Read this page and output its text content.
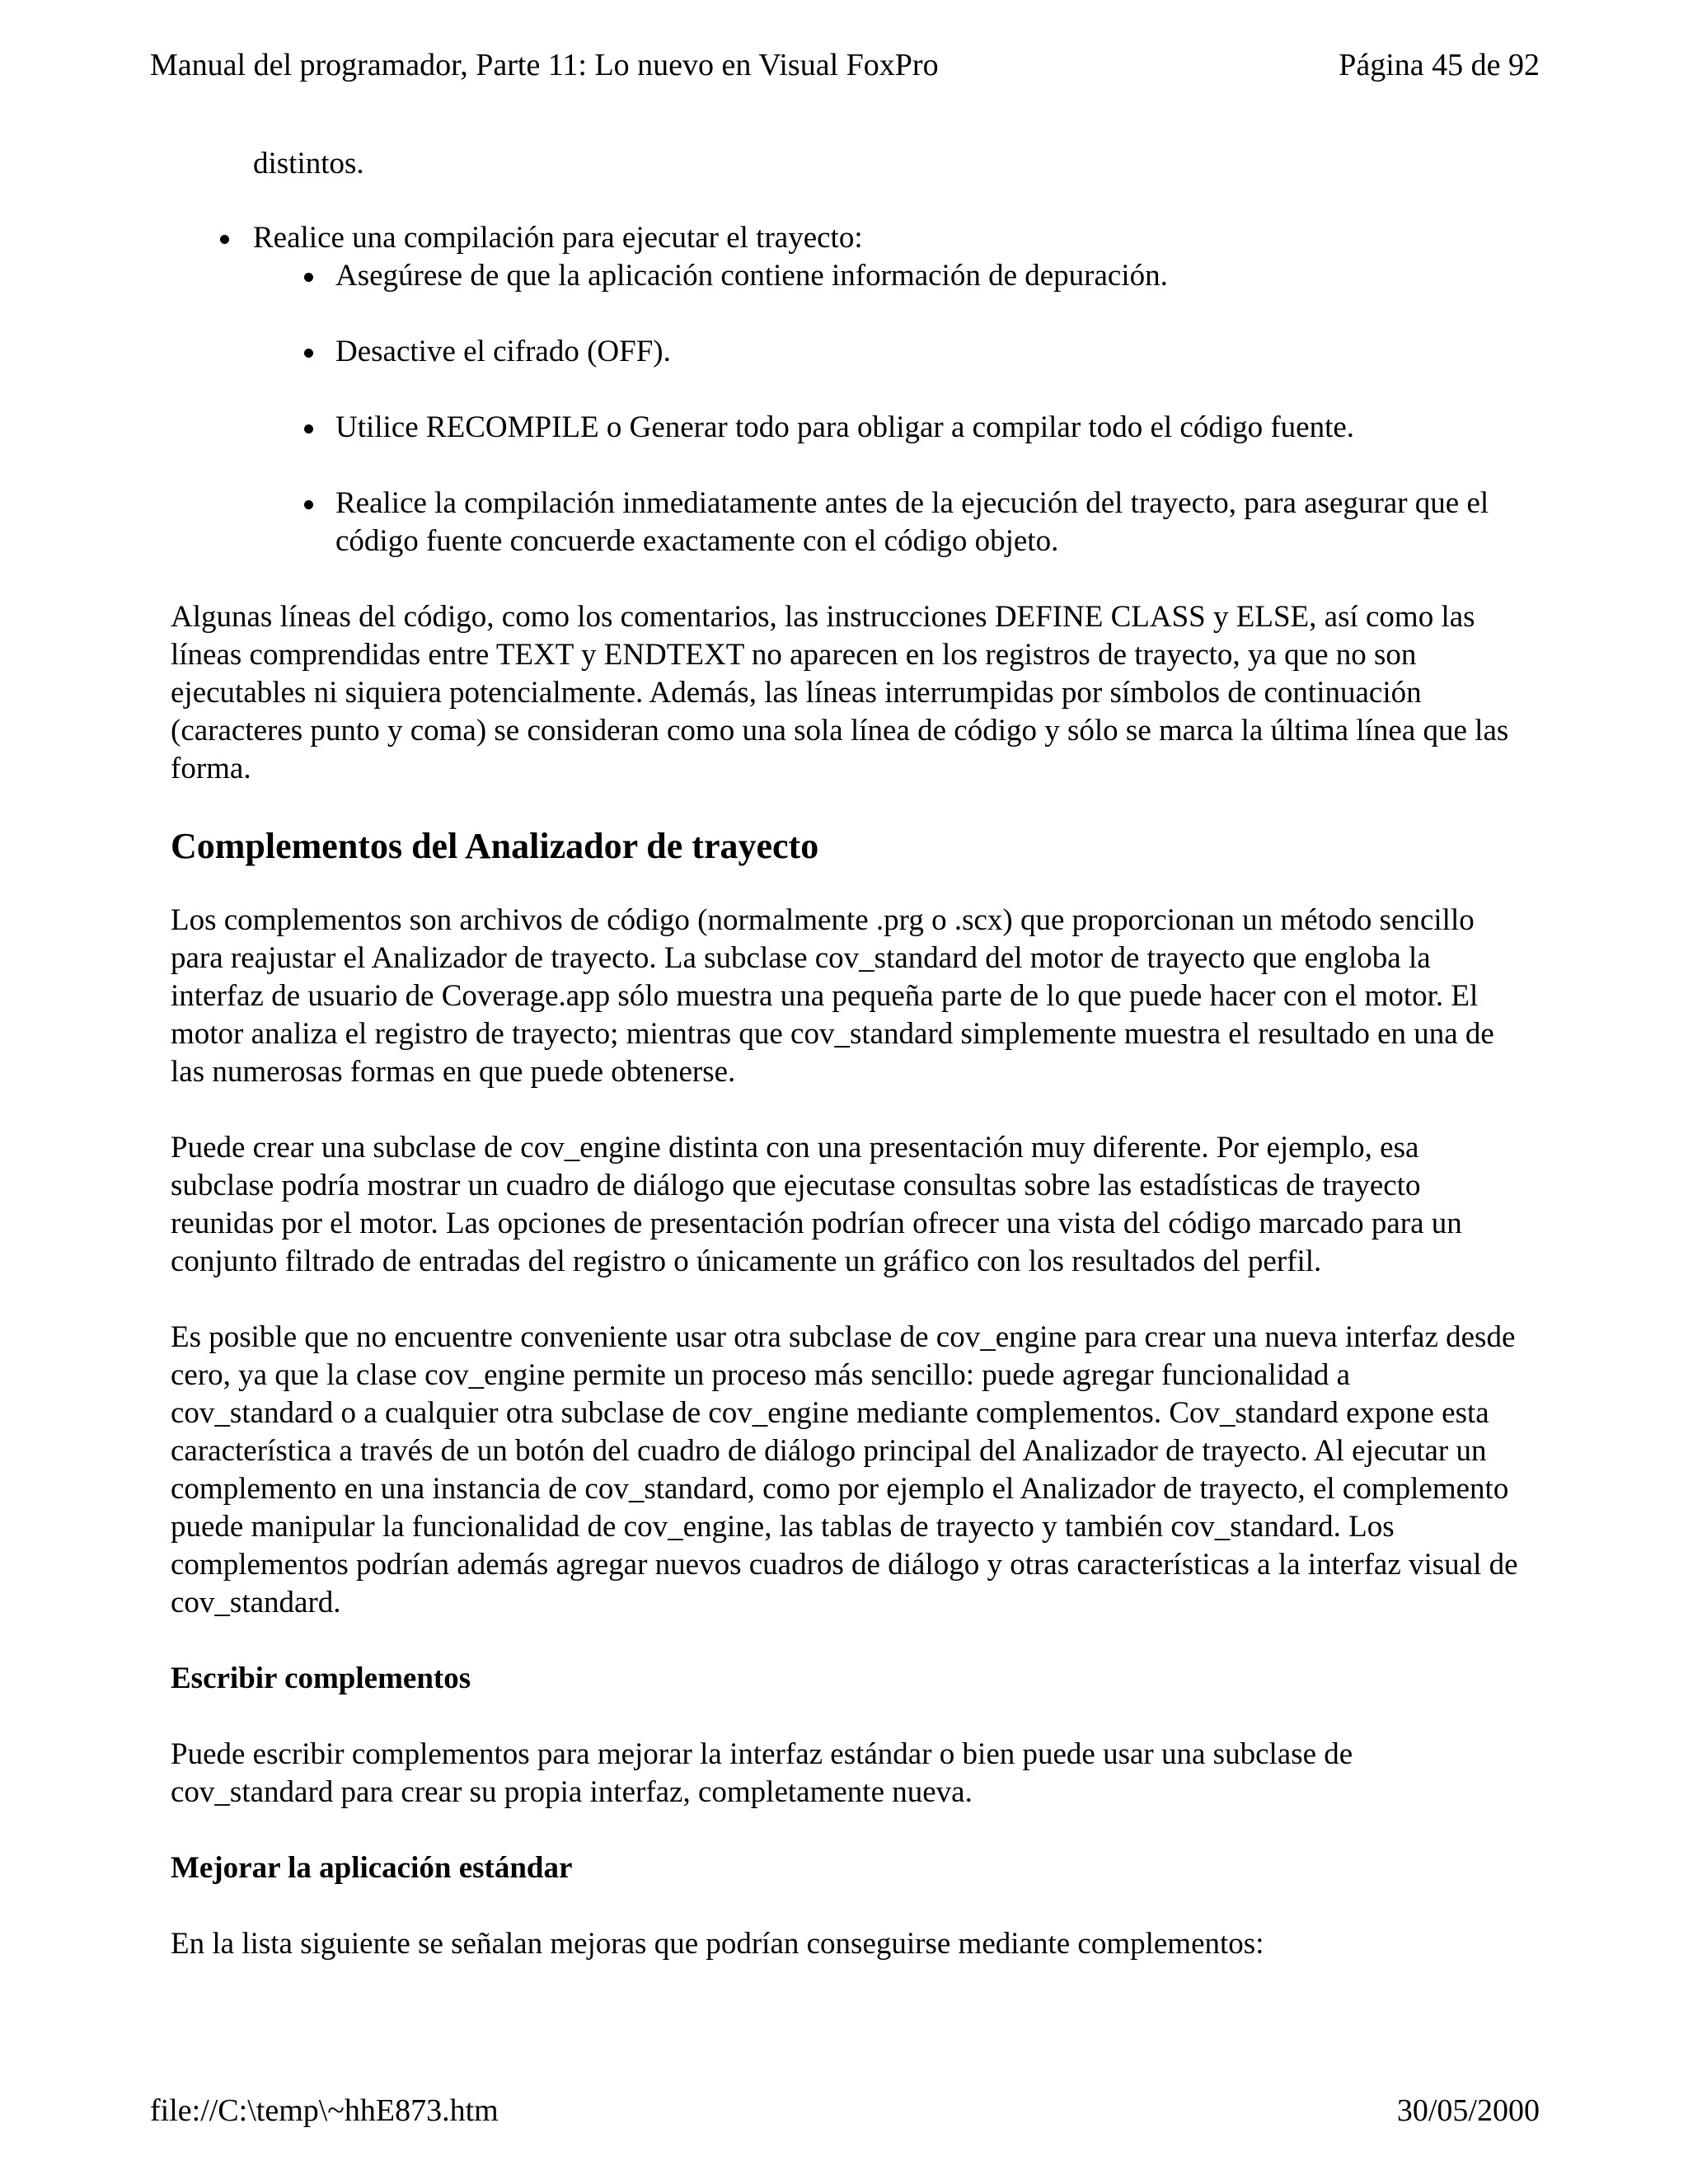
Manual del programador, Parte 11: Lo nuevo en Visual FoxPro	Página 45 de 92

distintos.

Realice una compilación para ejecutar el trayecto:
Asegúrese de que la aplicación contiene información de depuración.
Desactive el cifrado (OFF).
Utilice RECOMPILE o Generar todo para obligar a compilar todo el código fuente.
Realice la compilación inmediatamente antes de la ejecución del trayecto, para asegurar que el código fuente concuerde exactamente con el código objeto.

Algunas líneas del código, como los comentarios, las instrucciones DEFINE CLASS y ELSE, así como las líneas comprendidas entre TEXT y ENDTEXT no aparecen en los registros de trayecto, ya que no son ejecutables ni siquiera potencialmente. Además, las líneas interrumpidas por símbolos de continuación (caracteres punto y coma) se consideran como una sola línea de código y sólo se marca la última línea que las forma.

Complementos del Analizador de trayecto

Los complementos son archivos de código (normalmente .prg o .scx) que proporcionan un método sencillo para reajustar el Analizador de trayecto. La subclase cov_standard del motor de trayecto que engloba la interfaz de usuario de Coverage.app sólo muestra una pequeña parte de lo que puede hacer con el motor. El motor analiza el registro de trayecto; mientras que cov_standard simplemente muestra el resultado en una de las numerosas formas en que puede obtenerse.

Puede crear una subclase de cov_engine distinta con una presentación muy diferente. Por ejemplo, esa subclase podría mostrar un cuadro de diálogo que ejecutase consultas sobre las estadísticas de trayecto reunidas por el motor. Las opciones de presentación podrían ofrecer una vista del código marcado para un conjunto filtrado de entradas del registro o únicamente un gráfico con los resultados del perfil.

Es posible que no encuentre conveniente usar otra subclase de cov_engine para crear una nueva interfaz desde cero, ya que la clase cov_engine permite un proceso más sencillo: puede agregar funcionalidad a cov_standard o a cualquier otra subclase de cov_engine mediante complementos. Cov_standard expone esta característica a través de un botón del cuadro de diálogo principal del Analizador de trayecto. Al ejecutar un complemento en una instancia de cov_standard, como por ejemplo el Analizador de trayecto, el complemento puede manipular la funcionalidad de cov_engine, las tablas de trayecto y también cov_standard. Los complementos podrían además agregar nuevos cuadros de diálogo y otras características a la interfaz visual de cov_standard.

Escribir complementos

Puede escribir complementos para mejorar la interfaz estándar o bien puede usar una subclase de cov_standard para crear su propia interfaz, completamente nueva.

Mejorar la aplicación estándar

En la lista siguiente se señalan mejoras que podrían conseguirse mediante complementos:

file://C:\temp\~hhE873.htm	30/05/2000
